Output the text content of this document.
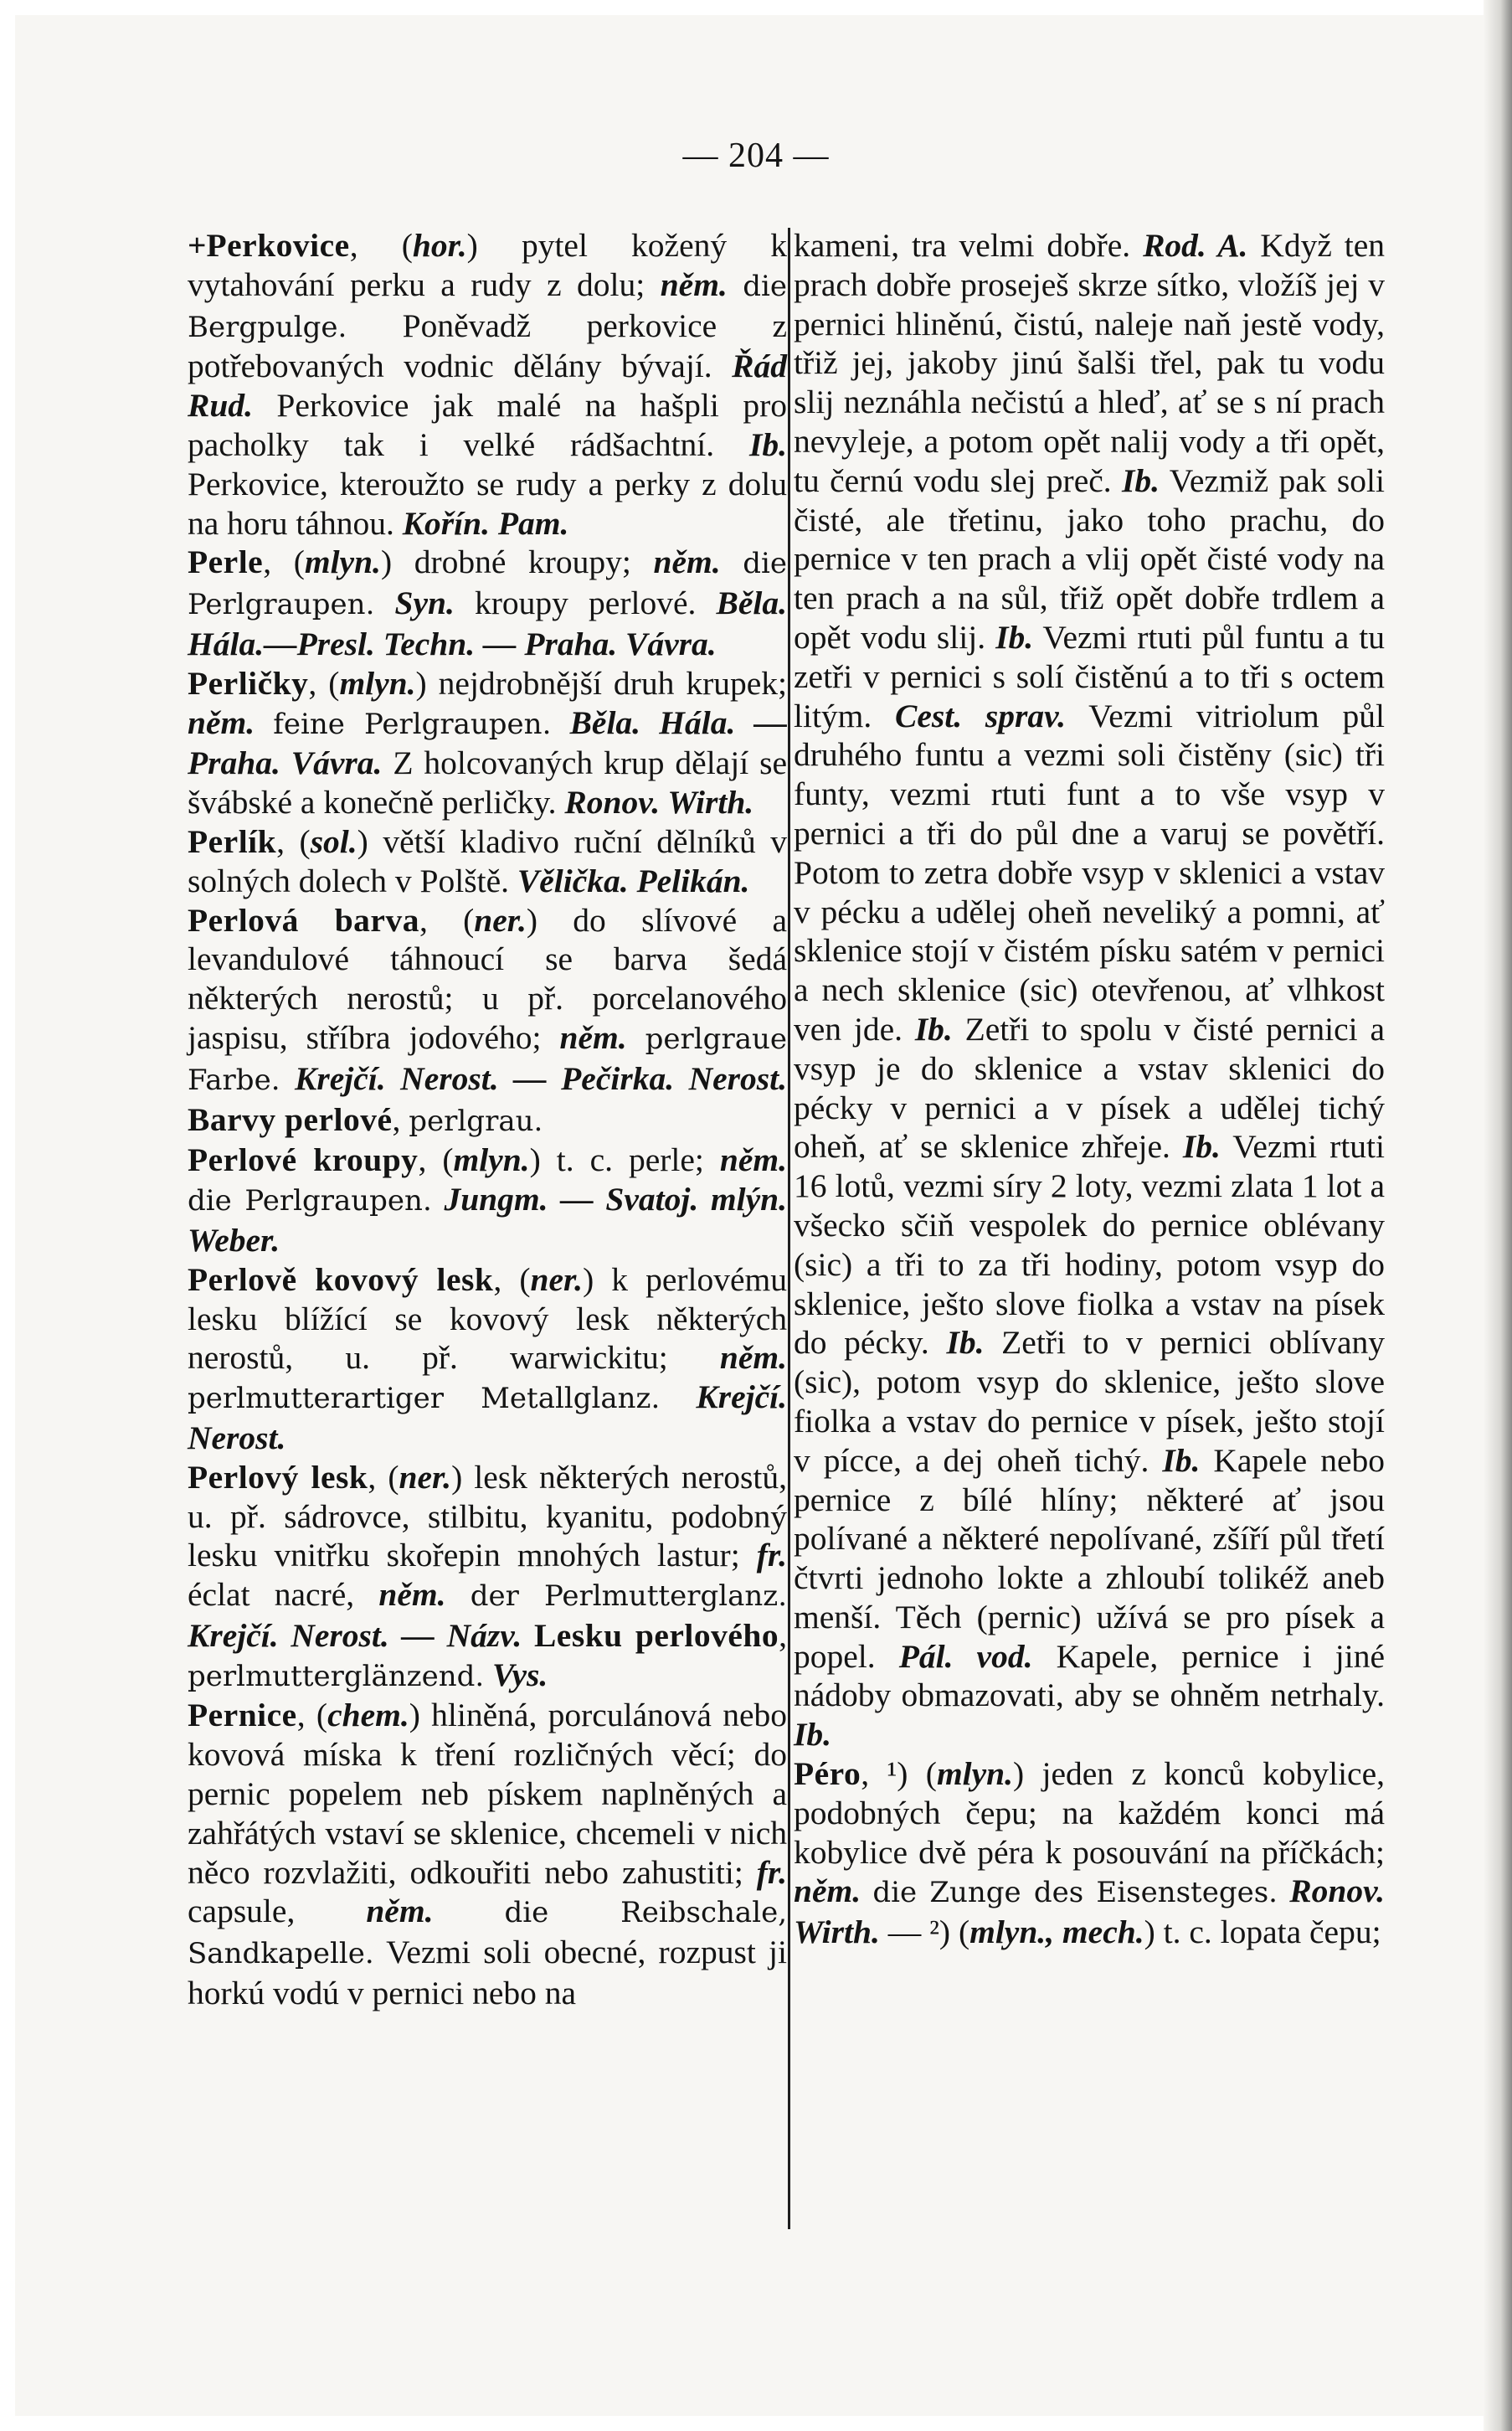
— 204 —

+Perkovice, (hor.) pytel kožený k vytahování perku a rudy z dolu; něm. die Bergpulge. Poněvadž perkovice z potřebovaných vodnic dělány bývají. Řád Rud. Perkovice jak malé na hašpli pro pacholky tak i velké rádšachtní. Ib. Perkovice, kteroužto se rudy a perky z dolu na horu táhnou. Kořín. Pam.

Perle, (mlyn.) drobné kroupy; něm. die Perlgraupen. Syn. kroupy perlové. Běla. Hála.—Presl. Techn. — Praha. Vávra.

Perličky, (mlyn.) nejdrobnější druh krupek; něm. feine Perlgraupen. Běla. Hála. — Praha. Vávra. Z holcovaných krup dělají se švábské a konečně perličky. Ronov. Wirth.

Perlík, (sol.) větší kladivo ruční dělníků v solných dolech v Polště. Vělička. Pelikán.

Perlová barva, (ner.) do slívové a levandulové táhnoucí se barva šedá některých nerostů; u př. porcelanového jaspisu, stříbra jodového; něm. perlgraue Farbe. Krejčí. Nerost. — Pečirka. Nerost. Barvy perlové, perlgrau.

Perlové kroupy, (mlyn.) t. c. perle; něm. die Perlgraupen. Jungm. — Svatoj. mlýn. Weber.

Perlově kovový lesk, (ner.) k perlovému lesku blížící se kovový lesk některých nerostů, u. př. warwickitu; něm. perlmutterartiger Metallglanz. Krejčí. Nerost.

Perlový lesk, (ner.) lesk některých nerostů, u. př. sádrovce, stilbitu, kyanitu, podobný lesku vnitřku skořepin mnohých lastur; fr. éclat nacré, něm. der Perlmutterglanz. Krejčí. Nerost. — Názv. Lesku perlového, perlmutterglänzend. Vys.

Pernice, (chem.) hliněná, porculánová nebo kovová míska k tření rozličných věcí; do pernic popelem neb pískem naplněných a zahřátých vstaví se sklenice, chcemeli v nich něco rozvlažiti, odkouřiti nebo zahustiti; fr. capsule, něm.	die Reibschale, Sandkapelle. Vezmi soli obecné, rozpust ji horkú vodú v pernici nebo na

kameni, tra velmi dobře. Rod. A. Když ten prach dobře proseješ skrze sítko, vložíš jej v pernici hliněnú, čistú, naleje naň jestě vody, třiž jej, jakoby jinú šalši třel, pak tu vodu slij neznáhla nečistú a hleď, ať se s ní prach nevyleje, a potom opět nalij vody a tři opět, tu černú vodu slej preč. Ib. Vezmiž pak soli čisté, ale třetinu, jako toho prachu, do pernice v ten prach a vlij opět čisté vody na ten prach a na sůl, třiž opět dobře trdlem a opět vodu slij. Ib. Vezmi rtuti půl funtu a tu zetři v pernici s solí čistěnú a to tři s octem litým. Cest. sprav. Vezmi vitriolum půl druhého funtu a vezmi soli čistěny (sic) tři funty, vezmi rtuti funt a to vše vsyp v pernici a tři do půl dne a varuj se povětří. Potom to zetra dobře vsyp v sklenici a vstav v pécku a udělej oheň neveliký a pomni, ať sklenice stojí v čistém písku satém v pernici a nech sklenice (sic) otevřenou, ať vlhkost ven jde. Ib. Zetři to spolu v čisté pernici a vsyp je do sklenice a vstav sklenici do pécky v pernici a v písek a udělej tichý oheň, ať se sklenice zhřeje. Ib. Vezmi rtuti 16 lotů, vezmi síry 2 loty, vezmi zlata 1 lot a všecko sčiň vespolek do pernice oblévany (sic) a tři to za tři hodiny, potom vsyp do sklenice, ješto slove fiolka a vstav na písek do pécky. Ib. Zetři to v pernici oblívany (sic), potom vsyp do sklenice, ješto slove fiolka a vstav do pernice v písek, ješto stojí v pícce, a dej oheň tichý. Ib. Kapele nebo pernice z bílé hlíny; některé ať jsou polívané a některé nepolívané, zšíří půl třetí čtvrti jednoho lokte a zhloubí tolikéž aneb menší. Těch (pernic) užívá se pro písek a popel. Pál. vod. Kapele, pernice i jiné nádoby obmazovati, aby se ohněm netrhaly. Ib.

Péro, ¹) (mlyn.) jeden z konců kobylice, podobných čepu; na každém konci má kobylice dvě péra k posouvání na příčkách; něm. die Zunge des Eisensteges. Ronov. Wirth. — ²) (mlyn., mech.) t. c. lopata čepu;
